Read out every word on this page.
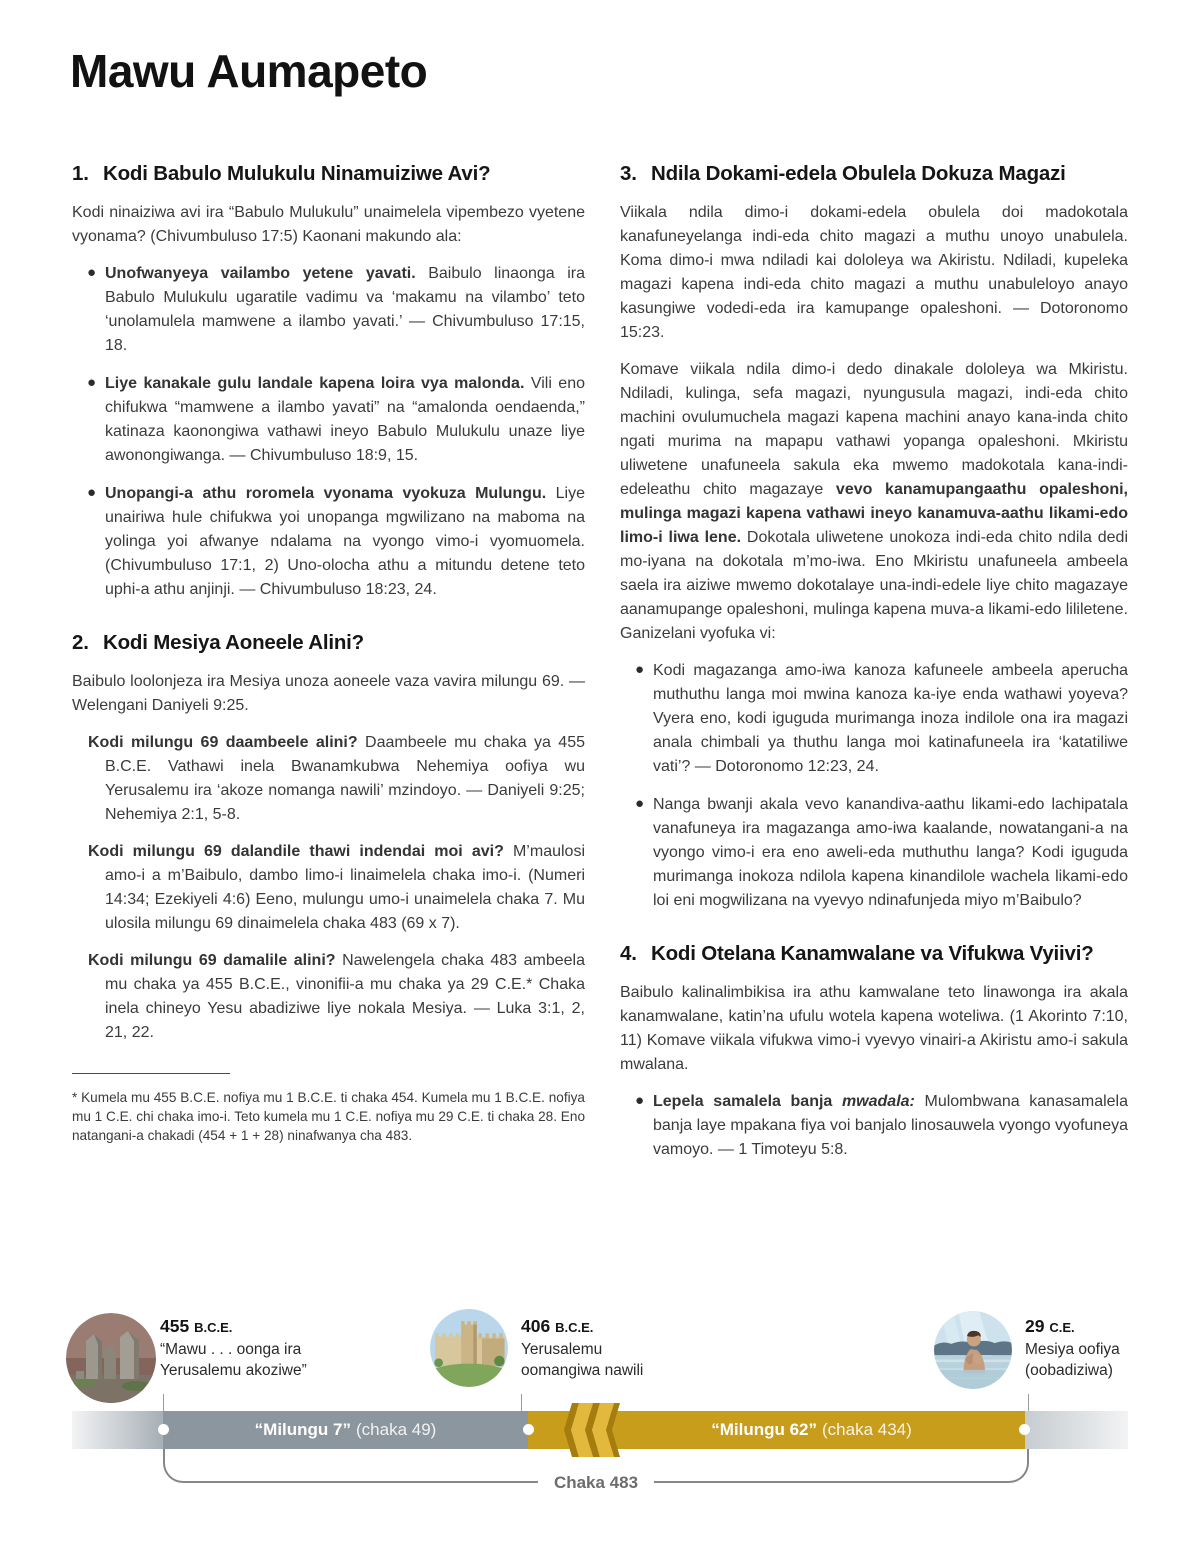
Mawu Aumapeto
1. Kodi Babulo Mulukulu Ninamuiziwe Avi?

Kodi ninaiziwa avi ira “Babulo Mulukulu” unaimelela vipembezo vyetene vyonama? (Chivumbuluso 17:5) Kaonani makundo ala:

● Unofwanyeya vailambo yetene yavati. Baibulo linaonga ira Babulo Mulukulu ugaratile vadimu va ‘makamu na vilambo’ teto ‘unolamulela mamwene a ilambo yavati.’ — Chivumbuluso 17:15, 18.
● Liye kanakale gulu landale kapena loira vya malonda. Vili eno chifukwa “mamwene a ilambo yavati” na “amalonda oendaenda,” katinaza kaonongiwa vathawi ineyo Babulo Mulukulu unaze liye awonongiwanga. — Chivumbuluso 18:9, 15.
● Unopangi-a athu roromela vyonama vyokuza Mulungu. Liye unairiwa hule chifukwa yoi unopanga mgwilizano na maboma na yolinga yoi afwanye ndalama na vyongo vimo-i vyomuomela. (Chivumbuluso 17:1, 2) Uno-olocha athu a mitundu detene teto uphi-a athu anjinji. — Chivumbuluso 18:23, 24.
2. Kodi Mesiya Aoneele Alini?

Baibulo loolonjeza ira Mesiya unoza aoneele vaza vavira milungu 69. — Welengani Daniyeli 9:25.

Kodi milungu 69 daambeele alini? Daambeele mu chaka ya 455 B.C.E. Vathawi inela Bwanamkubwa Nehemiya oofiya wu Yerusalemu ira ‘akoze nomanga nawili’ mzindoyo. — Daniyeli 9:25; Nehemiya 2:1, 5-8.
Kodi milungu 69 dalandile thawi indendai moi avi? M’maulosi amo-i a m’Baibulo, dambo limo-i linaimelela chaka imo-i. (Numeri 14:34; Ezekiyeli 4:6) Eeno, mulungu umo-i unaimelela chaka 7. Mu ulosila milungu 69 dinaimelela chaka 483 (69 x 7).
Kodi milungu 69 damalile alini? Nawelengela chaka 483 ambeela mu chaka ya 455 B.C.E., vinonifii-a mu chaka ya 29 C.E.* Chaka inela chineyo Yesu abadiziwe liye nokala Mesiya. — Luka 3:1, 2, 21, 22.

* Kumela mu 455 B.C.E. nofiya mu 1 B.C.E. ti chaka 454. Kumela mu 1 B.C.E. nofiya mu 1 C.E. chi chaka imo-i. Teto kumela mu 1 C.E. nofiya mu 29 C.E. ti chaka 28. Eno natangani-a chakadi (454 + 1 + 28) ninafwanya cha 483.

3. Ndila Dokami-edela Obulela Dokuza Magazi

Viikala ndila dimo-i dokami-edela obulela doi madokotala kanafuneyelanga indi-eda chito magazi a muthu unoyo unabulela. Koma dimo-i mwa ndiladi kai dololeya wa Akiristu. Ndiladi, kupeleka magazi kapena indi-eda chito magazi a muthu unabuleloyo anayo kasungiwe vodedi-eda ira kamupange opaleshoni. — Dotoronomo 15:23.

Komave viikala ndila dimo-i dedo dinakale dololeya wa Mkiristu. Ndiladi, kulinga, sefa magazi, nyungusula magazi, indi-eda chito machini ovulumuchela magazi kapena machini anayo kana-inda chito ngati murima na mapapu vathawi yopanga opaleshoni. Mkiristu uliwetene unafuneela sakula eka mwemo madokotala kana-indi-edeleathu chito magazaye vevo kanamupangaathu opaleshoni, mulinga magazi kapena vathawi ineyo kanamuva-aathu likami-edo limo-i liwa lene. Dokotala uliwetene unokoza indi-eda chito ndila dedi mo-iyana na dokotala m’mo-iwa. Eno Mkiristu unafuneela ambeela saela ira aiziwe mwemo dokotalaye una-indi-edele liye chito magazaye aanamupange opaleshoni, mulinga kapena muva-a likami-edo lililetene. Ganizelani vyofuka vi:

● Kodi magazanga amo-iwa kanoza kafuneele ambeela aperucha muthuthu langa moi mwina kanoza ka-iye enda wathawi yoyeva? Vyera eno, kodi iguguda murimanga inoza indilole ona ira magazi anala chimbali ya thuthu langa moi katinafuneela ira ‘katatiliwe vati’? — Dotoronomo 12:23, 24.
● Nanga bwanji akala vevo kanandiva-aathu likami-edo lachipatala vanafuneya ira magazanga amo-iwa kaalande, nowatangani-a na vyongo vimo-i era eno aweli-eda muthuthu langa? Kodi iguguda murimanga inokoza ndilola kapena kinandilole wachela likami-edo loi eni mogwilizana na vyevyo ndinafunjeda miyo m’Baibulo?
4. Kodi Otelana Kanamwalane va Vifukwa Vyiivi?

Baibulo kalinalimbikisa ira athu kamwalane teto linawonga ira akala kanamwalane, katin’na ufulu wotela kapena woteliwa. (1 Akorinto 7:10, 11) Komave viikala vifukwa vimo-i vyevyo vinairi-a Akiristu amo-i sakula mwalana.

● Lepela samalela banja mwadala: Mulombwana kanasamalela banja laye mpakana fiya voi banjalo linosauwela vyongo vyofuneya vamoyo. — 1 Timoteyu 5:8.
455 B.C.E.
“Mawu . . . oonga ira
Yerusalemu akoziwe”
406 B.C.E.
Yerusalemu
oomangiwa nawili
29 C.E.
Mesiya oofiya
(oobadiziwa)
“Milungu 7” (chaka 49)	“Milungu 62” (chaka 434)
Chaka 483
